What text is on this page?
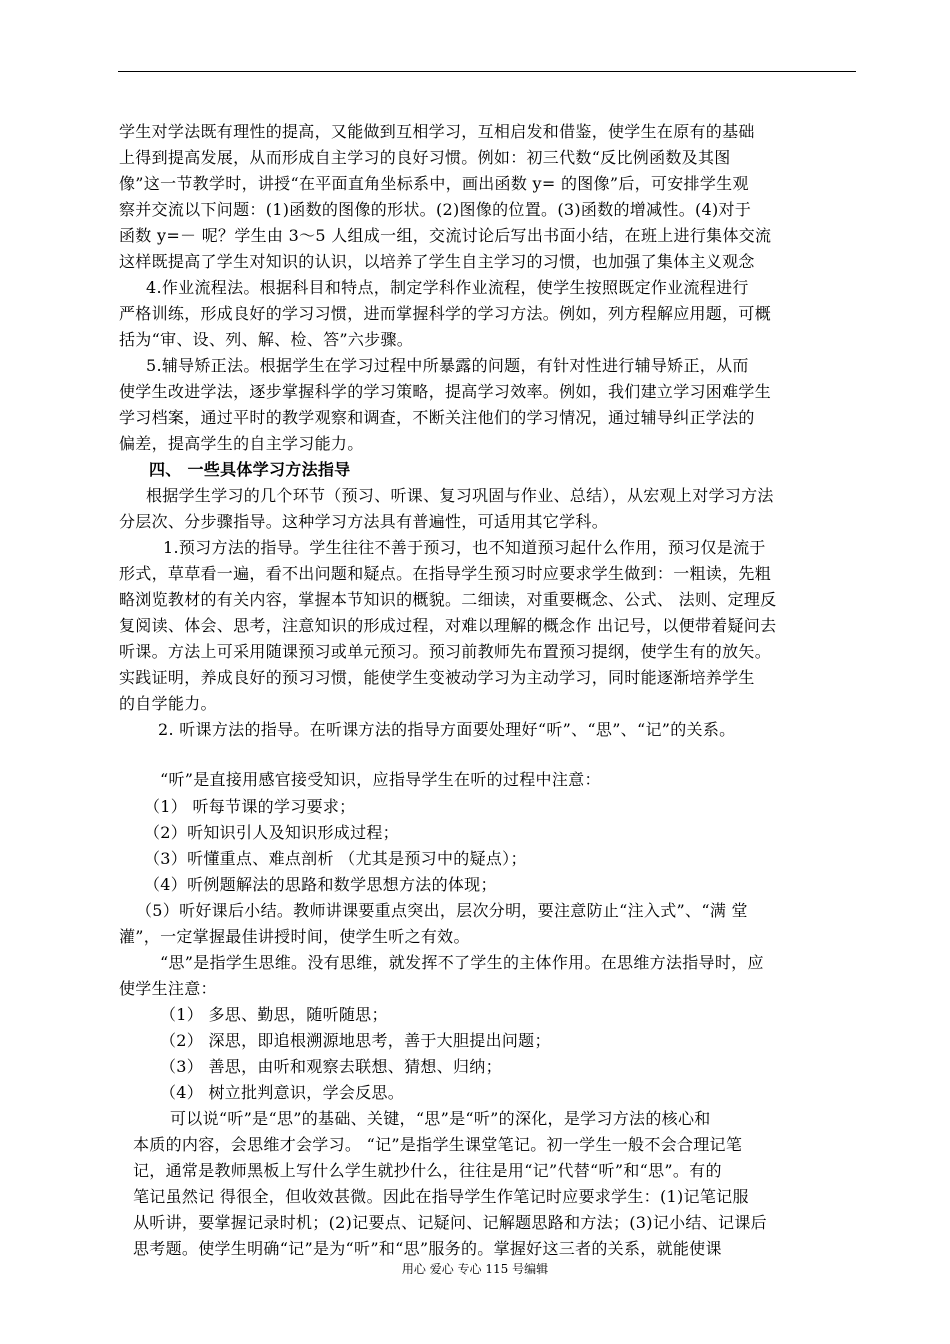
学生对学法既有理性的提高，又能做到互相学习，互相启发和借鉴，使学生在原有的基础
上得到提高发展，从而形成自主学习的良好习惯。例如：初三代数“反比例函数及其图
像”这一节教学时，讲授“在平面直角坐标系中，画出函数 y= 的图像”后，可安排学生观
察并交流以下问题：(1)函数的图像的形状。(2)图像的位置。(3)函数的增减性。(4)对于
函数 y=－ 呢？学生由 3～5 人组成一组，交流讨论后写出书面小结，在班上进行集体交流
这样既提高了学生对知识的认识，以培养了学生自主学习的习惯，也加强了集体主义观念
4.作业流程法。根据科目和特点，制定学科作业流程，使学生按照既定作业流程进行
严格训练，形成良好的学习习惯，进而掌握科学的学习方法。例如，列方程解应用题，可概
括为“审、设、列、解、检、答”六步骤。
5.辅导矫正法。根据学生在学习过程中所暴露的问题，有针对性进行辅导矫正，从而
使学生改进学法，逐步掌握科学的学习策略，提高学习效率。例如，我们建立学习困难学生
学习档案，通过平时的教学观察和调查，不断关注他们的学习情况，通过辅导纠正学法的
偏差，提高学生的自主学习能力。
四、 一些具体学习方法指导
根据学生学习的几个环节（预习、听课、复习巩固与作业、总结），从宏观上对学习方法
分层次、分步骤指导。这种学习方法具有普遍性，可适用其它学科。
1.预习方法的指导。学生往往不善于预习，也不知道预习起什么作用，预习仅是流于
形式，草草看一遍，看不出问题和疑点。在指导学生预习时应要求学生做到：一粗读，先粗
略浏览教材的有关内容，掌握本节知识的概貌。二细读，对重要概念、公式、 法则、定理反
复阅读、体会、思考，注意知识的形成过程，对难以理解的概念作 出记号，以便带着疑问去
听课。方法上可采用随课预习或单元预习。预习前教师先布置预习提纲，使学生有的放矢。
实践证明，养成良好的预习习惯，能使学生变被动学习为主动学习，同时能逐渐培养学生
的自学能力。
2. 听课方法的指导。在听课方法的指导方面要处理好“听”、“思”、“记”的关系。
“听”是直接用感官接受知识，应指导学生在听的过程中注意：
（1） 听每节课的学习要求；
（2）听知识引人及知识形成过程；
（3）听懂重点、难点剖析 （尤其是预习中的疑点）；
（4）听例题解法的思路和数学思想方法的体现；
（5）听好课后小结。教师讲课要重点突出，层次分明，要注意防止“注入式”、“满 堂
灌”，一定掌握最佳讲授时间，使学生听之有效。
“思”是指学生思维。没有思维，就发挥不了学生的主体作用。在思维方法指导时，应
使学生注意：
（1） 多思、勤思，随听随思；
（2） 深思，即追根溯源地思考，善于大胆提出问题；
（3） 善思，由听和观察去联想、猜想、归纳；
（4） 树立批判意识，学会反思。
可以说“听”是“思”的基础、关键，“思”是“听”的深化，是学习方法的核心和
本质的内容，会思维才会学习。 “记”是指学生课堂笔记。初一学生一般不会合理记笔
记，通常是教师黑板上写什么学生就抄什么，往往是用“记”代替“听”和“思”。有的
笔记虽然记 得很全，但收效甚微。因此在指导学生作笔记时应要求学生：(1)记笔记服
从听讲，要掌握记录时机；(2)记要点、记疑问、记解题思路和方法；(3)记小结、记课后
思考题。使学生明确“记”是为“听”和“思”服务的。掌握好这三者的关系，就能使课
用心 爱心 专心 115 号编辑
